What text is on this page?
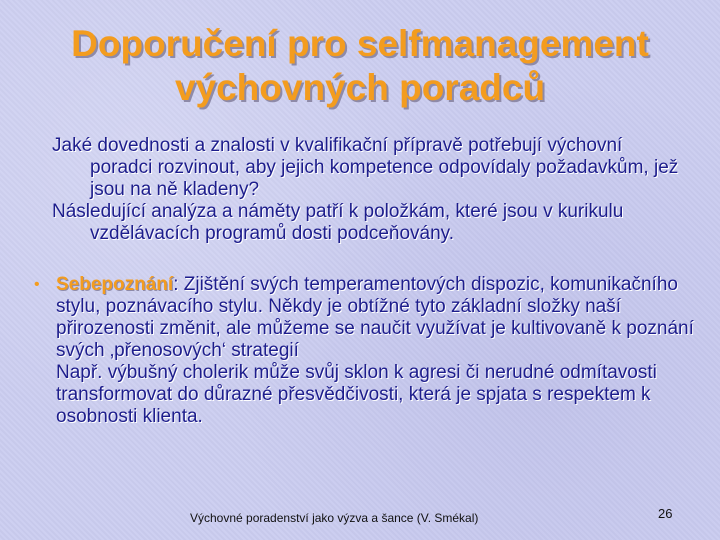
Doporučení pro selfmanagement
výchovných poradců

Jaké dovednosti a znalosti v kvalifikační přípravě potřebují výchovní poradci rozvinout, aby jejich kompetence odpovídaly požadavkům, jež jsou na ně kladeny?

Následující analýza a náměty patří k položkám, které jsou v kurikulu vzdělávacích programů dosti podceňovány.

• Sebepoznání: Zjištění svých temperamentových dispozic, komunikačního stylu, poznávacího stylu. Někdy je obtížné tyto základní složky naší přirozenosti změnit, ale můžeme se naučit využívat je kultivovaně k poznání svých ‚přenosových‘ strategií

Např. výbušný cholerik může svůj sklon k agresi či nerudné odmítavosti transformovat do důrazné přesvědčivosti, která je spjata s respektem k osobnosti klienta.

Výchovné poradenství jako výzva a šance (V. Smékal)	26
